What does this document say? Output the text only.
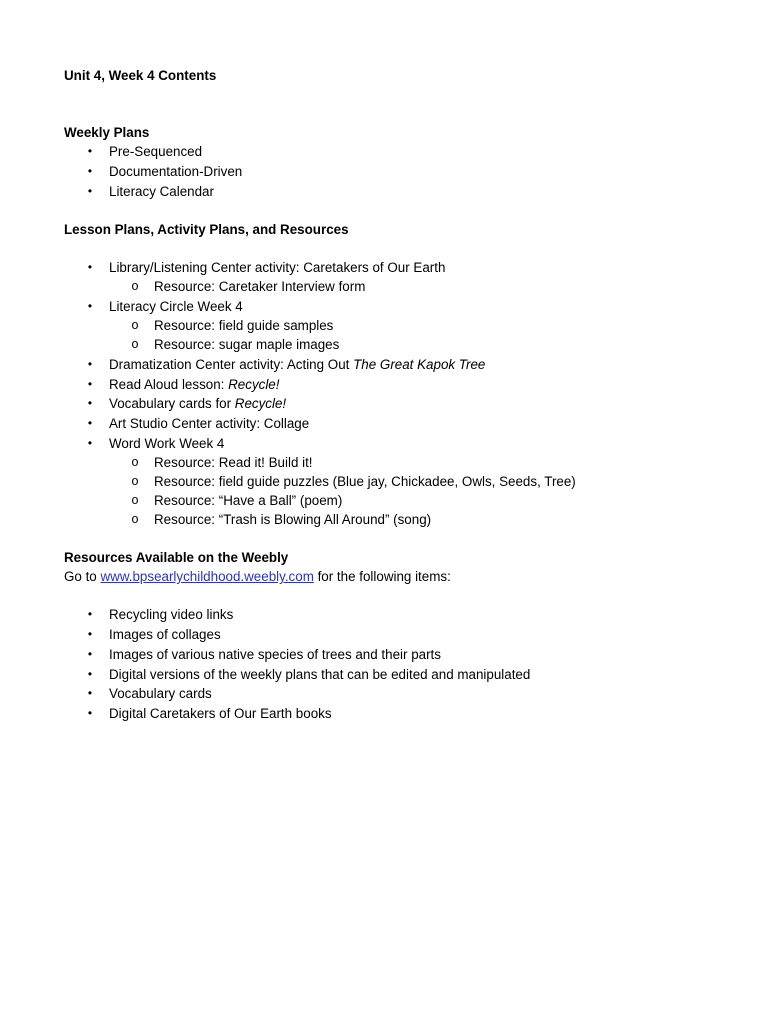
Unit 4, Week 4 Contents
Weekly Plans
• Pre-Sequenced
• Documentation-Driven
• Literacy Calendar
Lesson Plans, Activity Plans, and Resources
• Library/Listening Center activity: Caretakers of Our Earth
o Resource: Caretaker Interview form
• Literacy Circle Week 4
o Resource: field guide samples
o Resource: sugar maple images
• Dramatization Center activity: Acting Out The Great Kapok Tree
• Read Aloud lesson: Recycle!
• Vocabulary cards for Recycle!
• Art Studio Center activity: Collage
• Word Work Week 4
o Resource: Read it! Build it!
o Resource: field guide puzzles (Blue jay, Chickadee, Owls, Seeds, Tree)
o Resource: “Have a Ball” (poem)
o Resource: “Trash is Blowing All Around” (song)
Resources Available on the Weebly
Go to www.bpsearlychildhood.weebly.com for the following items:
• Recycling video links
• Images of collages
• Images of various native species of trees and their parts
• Digital versions of the weekly plans that can be edited and manipulated
• Vocabulary cards
• Digital Caretakers of Our Earth books
